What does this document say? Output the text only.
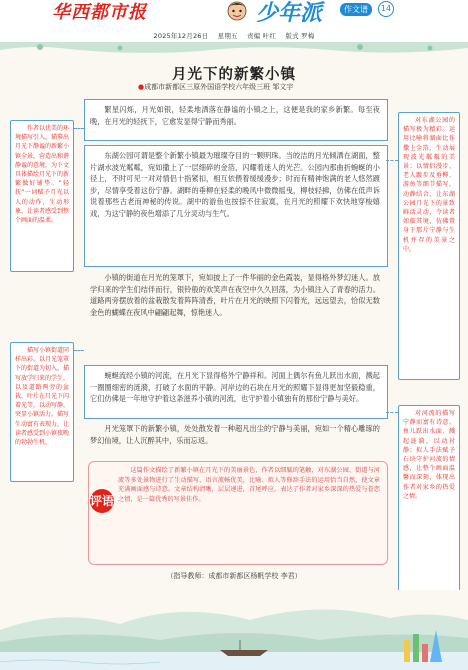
华西都市报	少年派	作文谱	14
2025年12月26日 星期五 责编 叶红 版式 罗梅
月光下的新繁小镇
●成都市新都区三原外国语学校六年级三班 邹文宇
繁星闪烁，月光如银，轻柔地洒落在静谧的小镇之上，这便是我的家乡新繁。每至夜晚，在月光的轻抚下，它愈发显得宁静而秀丽。
东湖公园可谓是整个新繁小镇最为璀璨夺目的一颗明珠。当皎洁的月光倾洒在湖面，整片湖水波光粼粼，宛如撒上了一层细碎的金箔，闪耀着迷人的光芒。公园内那曲折蜿蜒的小径上，不时可见一对对情侣十指紧扣，相互依偎着缓缓漫步；时而有精神饱满的老人悠然踱步，尽情享受着这份宁静。湖畔的垂柳在轻柔的晚风中微微摇曳，柳枝轻拂，仿佛在低声诉说着那些古老而神秘的传说。湖中的游鱼也按捺不住寂寞，在月光的照耀下欢快地穿梭嬉戏，为这宁静的夜色增添了几分灵动与生气。
小镇的街道在月光的笼罩下，宛如披上了一件华丽的金色霞装，显得格外梦幻迷人。放学归来的学生们结伴而行，银铃般的欢笑声在夜空中久久回荡，为小镇注入了青春的活力。道路两旁摆放着的盆栽散发着阵阵清香，叶片在月光的映照下闪着光，远远望去，恰似无数金色的蝴蝶在夜风中翩翩起舞，惊艳迷人。
蜿蜒流经小镇的河流，在月光下显得格外宁静祥和。河面上偶尔有鱼儿跃出水面，溅起一圈圈细密的涟漪，打破了水面的平静。河岸边的石块在月光的照耀下显得更加坚毅稳重，它们仿佛是一年地守护着这条滋养小镇的河流，也守护着小镇独有的那份宁静与美好。
月光笼罩下的新繁小镇，处处散发着一种超凡出尘的宁静与美丽，宛如一个精心雕琢的梦幻仙境，让人沉醉其中，乐而忘返。
作者以优美的环境描写引入，描摹出月光下静谧的新繁小镇全景，营造出和谐静谧的意境，为下文具体描绘月光下的新繁做好铺垫。“轻抚”一词赋予月光以人的动作，生动形象，让读者感受到整个画面的温柔。
描写小镇街道同样出彩。以月光笼罩下的街道为切入，描写放学归来的学生，以及道路两旁的盆栽，叶片在月光下闪着光等，以动写静，突显小镇活力。描写生动富有表现力，让读者感受到小镇夜晚的勃勃生机。
对东湖公园的描写极为精彩。运用比喻将湖面比作撒上金箔，生动展现波光粼粼的美景；以情侣漫步、老人踱步及垂柳、游鱼等细节描写，动静结合，让东湖公园月光下的景致鲜活灵动，令读者如临其境，仿佛置身于那片宁静与生机并存的美景之中。
对河流的描写宁静而富有诗意。鱼儿跃出水面、溅起涟漪，以动衬静；拟人手法赋予石块守护河流的情感，让整个画面温馨而深刻，体现出作者对家乡的热爱之情。
评语
这篇作文描绘了新繁小镇在月光下的美丽景色，作者以细腻的笔触，对东湖公园、街道与河流等多处景物进行了生动描写，语言流畅优美，比喻、拟人等修辞手法的运用恰当自然，使文章充满画面感与诗意。文章结构清晰，层层递进，首尾呼应，表达了作者对家乡深深的热爱与眷恋之情，是一篇优秀的写景佳作。
（指导教师：成都市新都区杨帆学校 李君）
